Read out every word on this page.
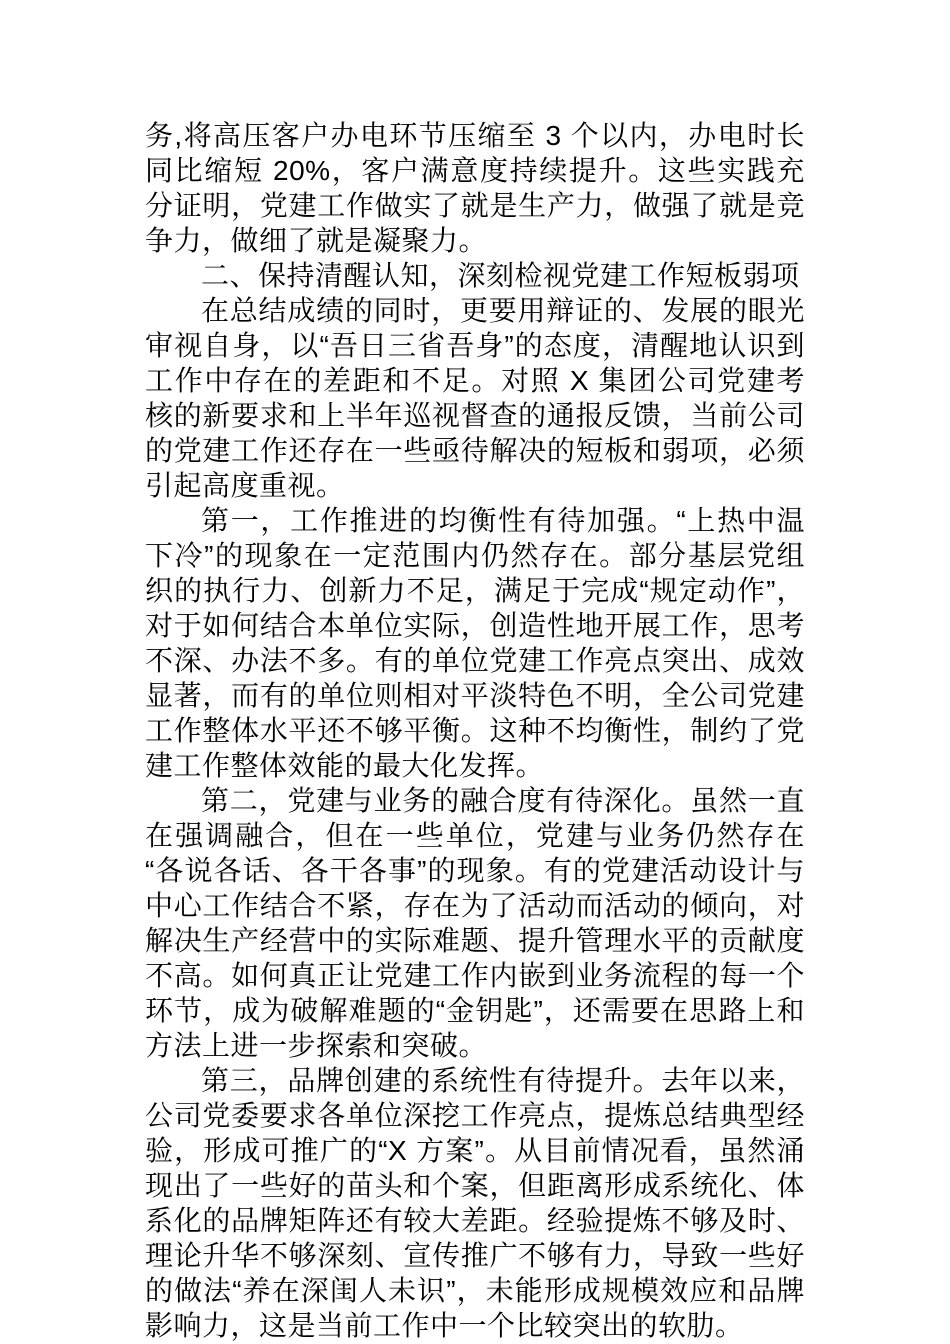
务,将高压客户办电环节压缩至 3 个以内，办电时长同比缩短 20%，客户满意度持续提升。这些实践充分证明，党建工作做实了就是生产力，做强了就是竞争力，做细了就是凝聚力。

二、保持清醒认知，深刻检视党建工作短板弱项

在总结成绩的同时，更要用辩证的、发展的眼光审视自身，以“吾日三省吾身”的态度，清醒地认识到工作中存在的差距和不足。对照 X 集团公司党建考核的新要求和上半年巡视督查的通报反馈，当前公司的党建工作还存在一些亟待解决的短板和弱项，必须引起高度重视。

第一，工作推进的均衡性有待加强。“上热中温下冷”的现象在一定范围内仍然存在。部分基层党组织的执行力、创新力不足，满足于完成“规定动作”，对于如何结合本单位实际，创造性地开展工作，思考不深、办法不多。有的单位党建工作亮点突出、成效显著，而有的单位则相对平淡特色不明，全公司党建工作整体水平还不够平衡。这种不均衡性，制约了党建工作整体效能的最大化发挥。

第二，党建与业务的融合度有待深化。虽然一直在强调融合，但在一些单位，党建与业务仍然存在“各说各话、各干各事”的现象。有的党建活动设计与中心工作结合不紧，存在为了活动而活动的倾向，对解决生产经营中的实际难题、提升管理水平的贡献度不高。如何真正让党建工作内嵌到业务流程的每一个环节，成为破解难题的“金钥匙”，还需要在思路上和方法上进一步探索和突破。

第三，品牌创建的系统性有待提升。去年以来，公司党委要求各单位深挖工作亮点，提炼总结典型经验，形成可推广的“X 方案”。从目前情况看，虽然涌现出了一些好的苗头和个案，但距离形成系统化、体系化的品牌矩阵还有较大差距。经验提炼不够及时、理论升华不够深刻、宣传推广不够有力，导致一些好的做法“养在深闺人未识”，未能形成规模效应和品牌影响力，这是当前工作中一个比较突出的软肋。
